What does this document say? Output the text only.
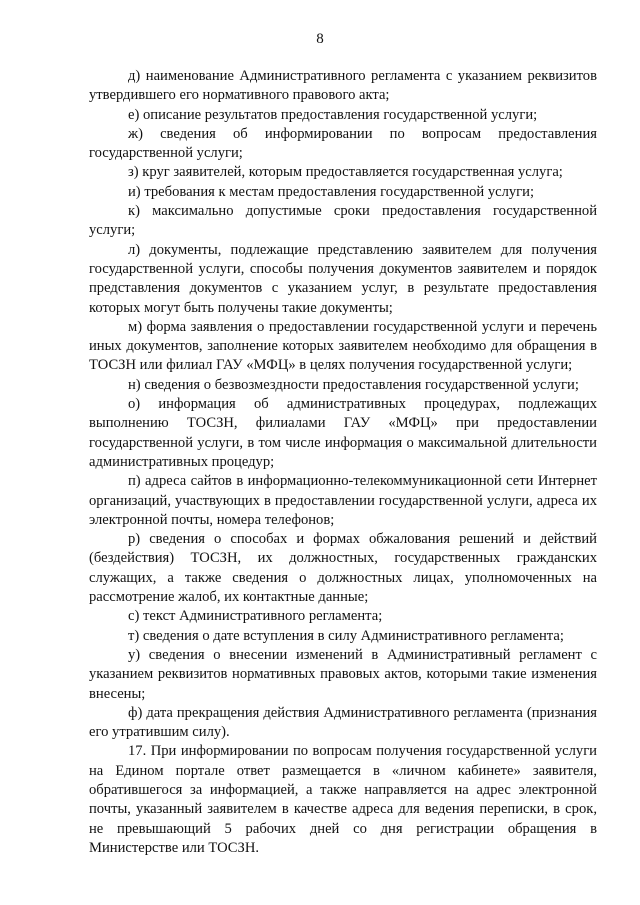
8

д) наименование Административного регламента с указанием реквизитов утвердившего его нормативного правового акта;

е) описание результатов предоставления государственной услуги;

ж) сведения об информировании по вопросам предоставления государственной услуги;

з) круг заявителей, которым предоставляется государственная услуга;

и) требования к местам предоставления государственной услуги;

к) максимально допустимые сроки предоставления государственной услуги;

л) документы, подлежащие представлению заявителем для получения государственной услуги, способы получения документов заявителем и порядок представления документов с указанием услуг, в результате предоставления которых могут быть получены такие документы;

м) форма заявления о предоставлении государственной услуги и перечень иных документов, заполнение которых заявителем необходимо для обращения в ТОСЗН или филиал ГАУ «МФЦ» в целях получения государственной услуги;

н) сведения о безвозмездности предоставления государственной услуги;

о) информация об административных процедурах, подлежащих выполнению ТОСЗН, филиалами ГАУ «МФЦ» при предоставлении государственной услуги, в том числе информация о максимальной длительности административных процедур;

п) адреса сайтов в информационно-телекоммуникационной сети Интернет организаций, участвующих в предоставлении государственной услуги, адреса их электронной почты, номера телефонов;

р) сведения о способах и формах обжалования решений и действий (бездействия) ТОСЗН, их должностных, государственных гражданских служащих, а также сведения о должностных лицах, уполномоченных на рассмотрение жалоб, их контактные данные;

с) текст Административного регламента;

т) сведения о дате вступления в силу Административного регламента;

у) сведения о внесении изменений в Административный регламент с указанием реквизитов нормативных правовых актов, которыми такие изменения внесены;

ф) дата прекращения действия Административного регламента (признания его утратившим силу).

17. При информировании по вопросам получения государственной услуги на Едином портале ответ размещается в «личном кабинете» заявителя, обратившегося за информацией, а также направляется на адрес электронной почты, указанный заявителем в качестве адреса для ведения переписки, в срок, не превышающий 5 рабочих дней со дня регистрации обращения в Министерстве или ТОСЗН.
